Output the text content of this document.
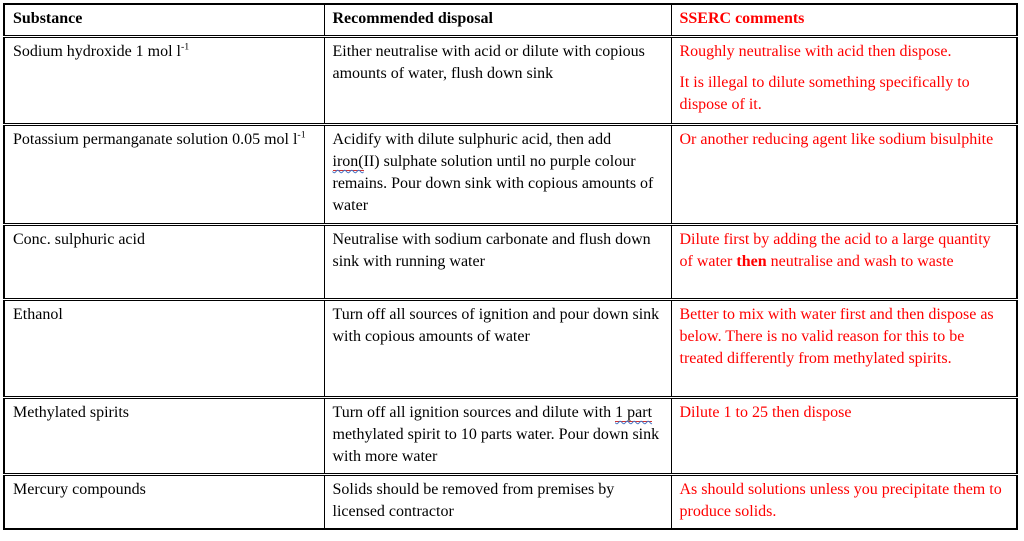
Substance	Recommended disposal	SSERC comments

Sodium hydroxide 1 mol $l^{-1}$	Either neutralise with acid or dilute with copious amounts of water, flush down sink	Roughly neutralise with acid then dispose.

It is illegal to dilute something specifically to dispose of it.

Potassium permanganate solution 0.05 mol $l^{-1}$	Acidify with dilute sulphuric acid, then add iron(II) sulphate solution until no purple colour remains. Pour down sink with copious amounts of water	Or another reducing agent like sodium bisulphite

Conc. sulphuric acid	Neutralise with sodium carbonate and flush down sink with running water	Dilute first by adding the acid to a large quantity of water then neutralise and wash to waste

Ethanol	Turn off all sources of ignition and pour down sink with copious amounts of water	Better to mix with water first and then dispose as below. There is no valid reason for this to be treated differently from methylated spirits.

Methylated spirits	Turn off all ignition sources and dilute with 1 part methylated spirit to 10 parts water. Pour down sink with more water	Dilute 1 to 25 then dispose

Mercury compounds	Solids should be removed from premises by licensed contractor	As should solutions unless you precipitate them to produce solids.
